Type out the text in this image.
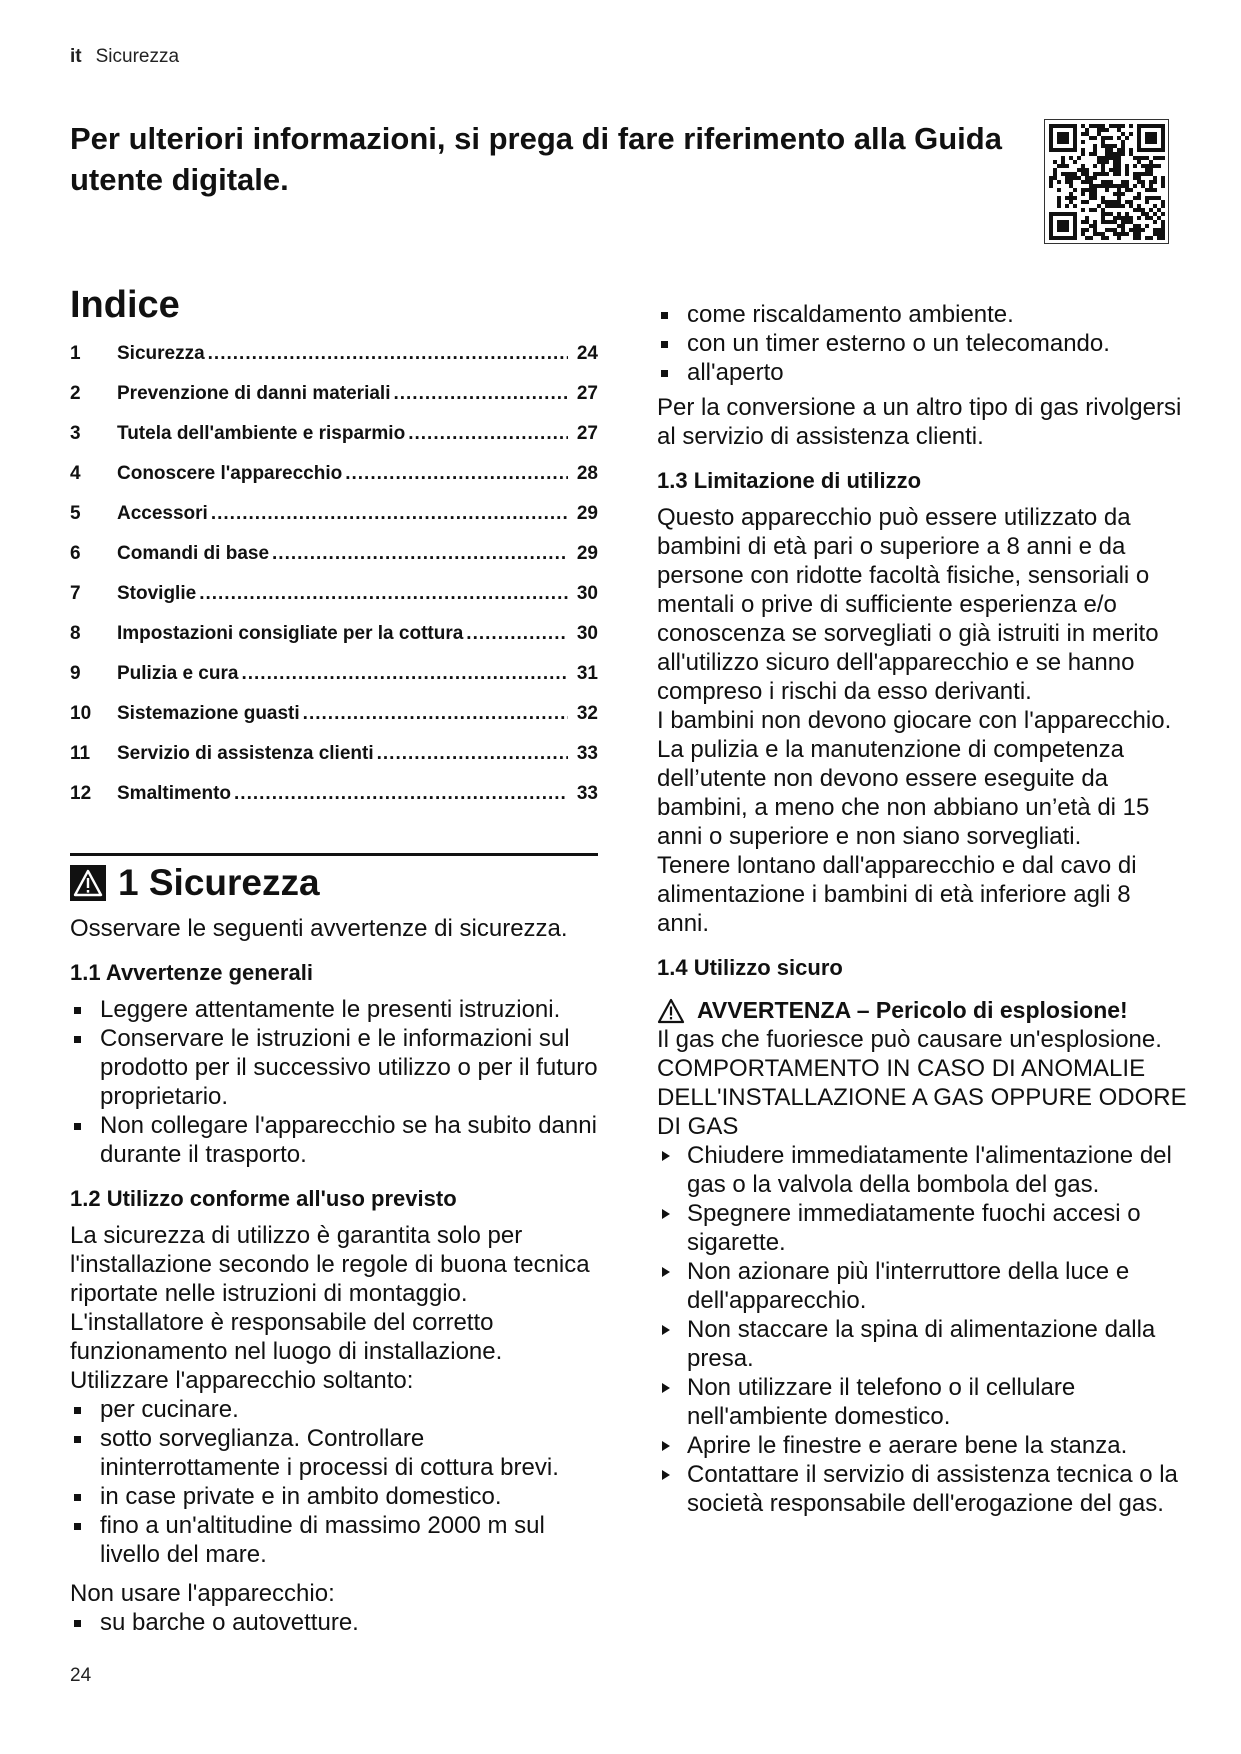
it Sicurezza
Per ulteriori informazioni, si prega di fare riferimento alla Guida utente digitale.
Indice
1	Sicurezza .....	24
2	Prevenzione di danni materiali .....	27
3	Tutela dell'ambiente e risparmio .....	27
4	Conoscere l'apparecchio .....	28
5	Accessori .....	29
6	Comandi di base .....	29
7	Stoviglie .....	30
8	Impostazioni consigliate per la cottura .....	30
9	Pulizia e cura .....	31
10	Sistemazione guasti .....	32
11	Servizio di assistenza clienti .....	33
12	Smaltimento .....	33
1 Sicurezza
Osservare le seguenti avvertenze di sicurezza.
1.1 Avvertenze generali
Leggere attentamente le presenti istruzioni.
Conservare le istruzioni e le informazioni sul prodotto per il successivo utilizzo o per il futuro proprietario.
Non collegare l'apparecchio se ha subito danni durante il trasporto.
1.2 Utilizzo conforme all'uso previsto
La sicurezza di utilizzo è garantita solo per l'installazione secondo le regole di buona tecnica riportate nelle istruzioni di montaggio. L'installatore è responsabile del corretto funzionamento nel luogo di installazione.
Utilizzare l'apparecchio soltanto:
per cucinare.
sotto sorveglianza. Controllare ininterrottamente i processi di cottura brevi.
in case private e in ambito domestico.
fino a un'altitudine di massimo 2000 m sul livello del mare.
Non usare l'apparecchio:
su barche o autovetture.
come riscaldamento ambiente.
con un timer esterno o un telecomando.
all'aperto
Per la conversione a un altro tipo di gas rivolgersi al servizio di assistenza clienti.
1.3 Limitazione di utilizzo
Questo apparecchio può essere utilizzato da bambini di età pari o superiore a 8 anni e da persone con ridotte facoltà fisiche, sensoriali o mentali o prive di sufficiente esperienza e/o conoscenza se sorvegliati o già istruiti in merito all'utilizzo sicuro dell'apparecchio e se hanno compreso i rischi da esso derivanti.
I bambini non devono giocare con l'apparecchio.
La pulizia e la manutenzione di competenza dell’utente non devono essere eseguite da bambini, a meno che non abbiano un’età di 15 anni o superiore e non siano sorvegliati.
Tenere lontano dall'apparecchio e dal cavo di alimentazione i bambini di età inferiore agli 8 anni.
1.4 Utilizzo sicuro
AVVERTENZA – Pericolo di esplosione!
Il gas che fuoriesce può causare un'esplosione. COMPORTAMENTO IN CASO DI ANOMALIE DELL'INSTALLAZIONE A GAS OPPURE ODORE DI GAS
Chiudere immediatamente l'alimentazione del gas o la valvola della bombola del gas.
Spegnere immediatamente fuochi accesi o sigarette.
Non azionare più l'interruttore della luce e dell'apparecchio.
Non staccare la spina di alimentazione dalla presa.
Non utilizzare il telefono o il cellulare nell'ambiente domestico.
Aprire le finestre e aerare bene la stanza.
Contattare il servizio di assistenza tecnica o la società responsabile dell'erogazione del gas.
24
